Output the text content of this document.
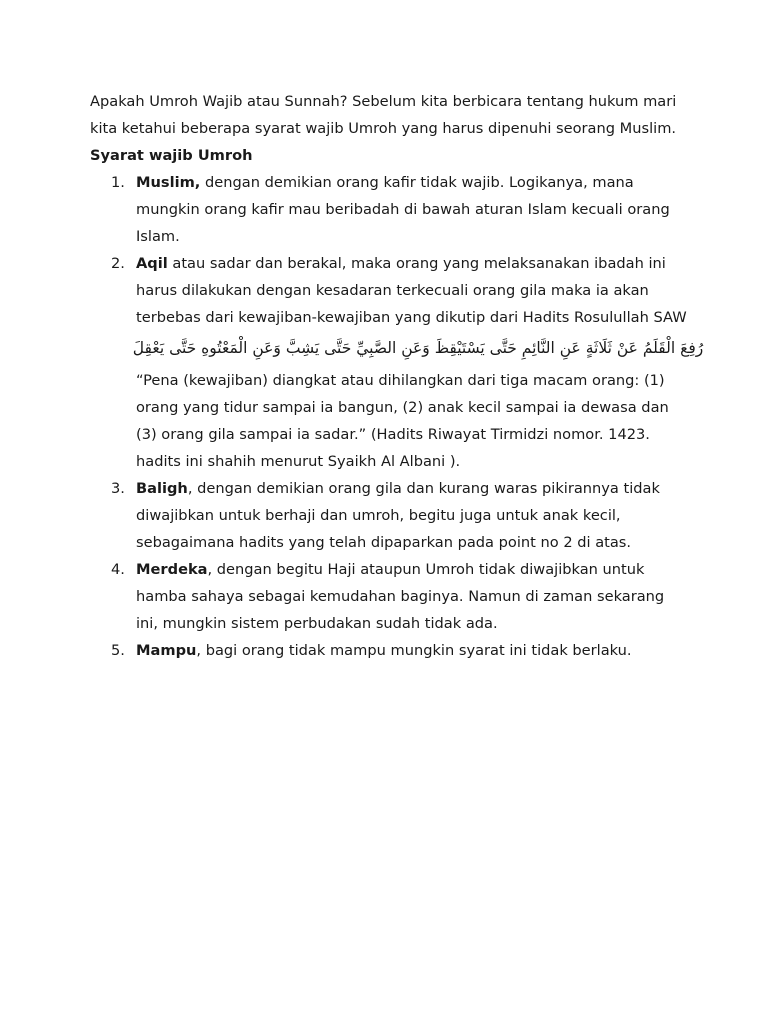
Apakah Umroh Wajib atau Sunnah? Sebelum kita berbicara tentang hukum mari kita ketahui beberapa syarat wajib Umroh yang harus dipenuhi seorang Muslim.

Syarat wajib Umroh

1. Muslim, dengan demikian orang kafir tidak wajib. Logikanya, mana mungkin orang kafir mau beribadah di bawah aturan Islam kecuali orang Islam.
2. Aqil atau sadar dan berakal, maka orang yang melaksanakan ibadah ini harus dilakukan dengan kesadaran terkecuali orang gila maka ia akan terbebas dari kewajiban-kewajiban yang dikutip dari Hadits Rosulullah SAW

رُفِعَ الْقَلَمُ عَنْ ثَلَاثَةٍ عَنِ النَّائِمِ حَتَّى يَسْتَيْقِظَ وَعَنِ الصَّبِيِّ حَتَّى يَشِبَّ وَعَنِ الْمَعْتُوهِ حَتَّى يَعْقِلَ

“Pena (kewajiban) diangkat atau dihilangkan dari tiga macam orang: (1) orang yang tidur sampai ia bangun, (2) anak kecil sampai ia dewasa dan (3) orang gila sampai ia sadar.” (Hadits Riwayat Tirmidzi nomor. 1423. hadits ini shahih menurut Syaikh Al Albani ).

3. Baligh, dengan demikian orang gila dan kurang waras pikirannya tidak diwajibkan untuk berhaji dan umroh, begitu juga untuk anak kecil, sebagaimana hadits yang telah dipaparkan pada point no 2 di atas.
4. Merdeka, dengan begitu Haji ataupun Umroh tidak diwajibkan untuk hamba sahaya sebagai kemudahan baginya. Namun di zaman sekarang ini, mungkin sistem perbudakan sudah tidak ada.
5. Mampu, bagi orang tidak mampu mungkin syarat ini tidak berlaku.
